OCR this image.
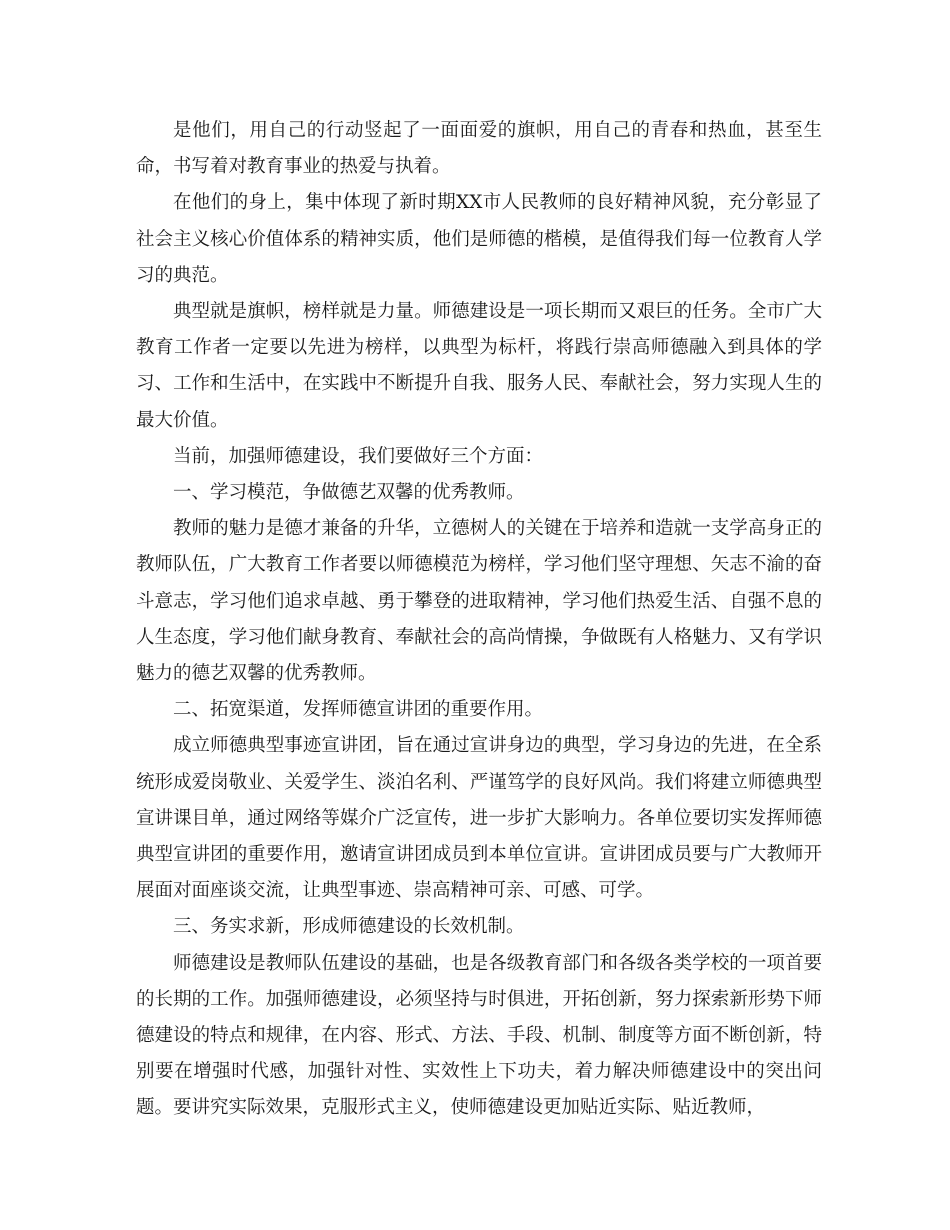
是他们，用自己的行动竖起了一面面爱的旗帜，用自己的青春和热血，甚至生命，书写着对教育事业的热爱与执着。

在他们的身上，集中体现了新时期XX市人民教师的良好精神风貌，充分彰显了社会主义核心价值体系的精神实质，他们是师德的楷模，是值得我们每一位教育人学习的典范。

典型就是旗帜，榜样就是力量。师德建设是一项长期而又艰巨的任务。全市广大教育工作者一定要以先进为榜样，以典型为标杆，将践行崇高师德融入到具体的学习、工作和生活中，在实践中不断提升自我、服务人民、奉献社会，努力实现人生的最大价值。

当前，加强师德建设，我们要做好三个方面：

一、学习模范，争做德艺双馨的优秀教师。

教师的魅力是德才兼备的升华，立德树人的关键在于培养和造就一支学高身正的教师队伍，广大教育工作者要以师德模范为榜样，学习他们坚守理想、矢志不渝的奋斗意志，学习他们追求卓越、勇于攀登的进取精神，学习他们热爱生活、自强不息的人生态度，学习他们献身教育、奉献社会的高尚情操，争做既有人格魅力、又有学识魅力的德艺双馨的优秀教师。

二、拓宽渠道，发挥师德宣讲团的重要作用。

成立师德典型事迹宣讲团，旨在通过宣讲身边的典型，学习身边的先进，在全系统形成爱岗敬业、关爱学生、淡泊名利、严谨笃学的良好风尚。我们将建立师德典型宣讲课目单，通过网络等媒介广泛宣传，进一步扩大影响力。各单位要切实发挥师德典型宣讲团的重要作用，邀请宣讲团成员到本单位宣讲。宣讲团成员要与广大教师开展面对面座谈交流，让典型事迹、崇高精神可亲、可感、可学。

三、务实求新，形成师德建设的长效机制。

师德建设是教师队伍建设的基础，也是各级教育部门和各级各类学校的一项首要的长期的工作。加强师德建设，必须坚持与时俱进，开拓创新，努力探索新形势下师德建设的特点和规律，在内容、形式、方法、手段、机制、制度等方面不断创新，特别要在增强时代感，加强针对性、实效性上下功夫，着力解决师德建设中的突出问题。要讲究实际效果，克服形式主义，使师德建设更加贴近实际、贴近教师，
